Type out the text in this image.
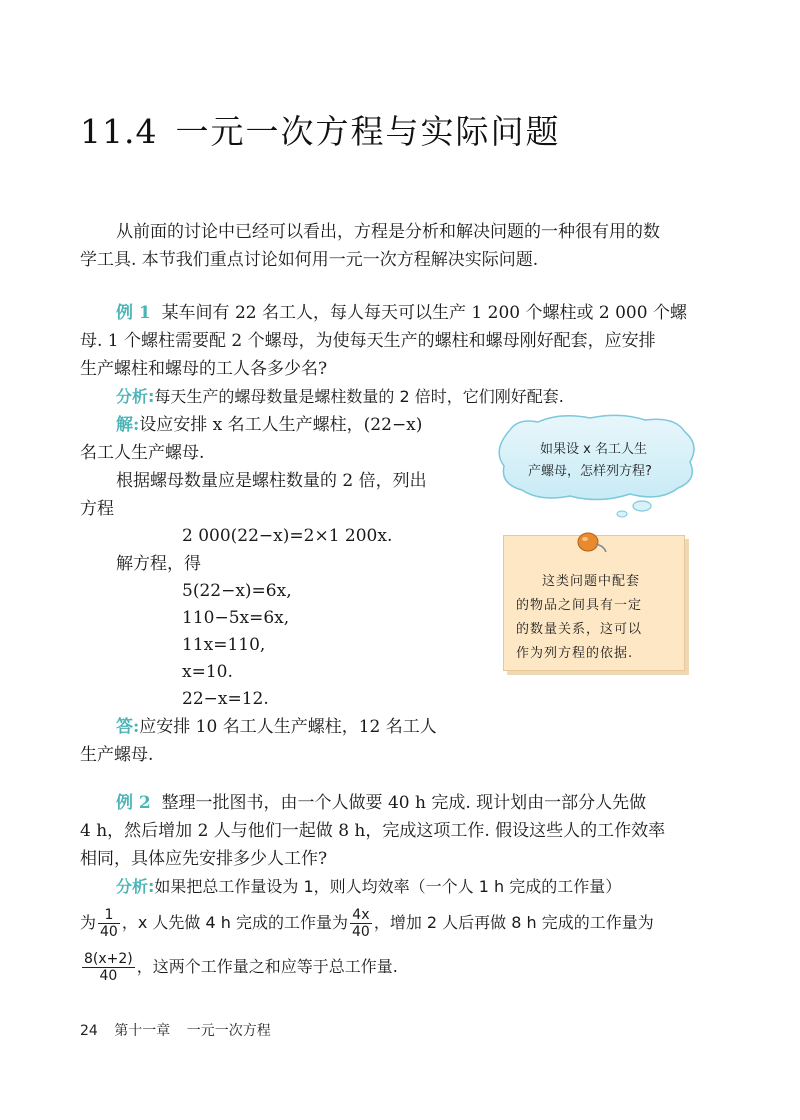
11.4 一元一次方程与实际问题
从前面的讨论中已经可以看出，方程是分析和解决问题的一种很有用的数
学工具. 本节我们重点讨论如何用一元一次方程解决实际问题.
例 1 某车间有 22 名工人，每人每天可以生产 1 200 个螺柱或 2 000 个螺
母. 1 个螺柱需要配 2 个螺母，为使每天生产的螺柱和螺母刚好配套，应安排
生产螺柱和螺母的工人各多少名?
分析:每天生产的螺母数量是螺柱数量的 2 倍时，它们刚好配套.
解:设应安排 x 名工人生产螺柱，(22−x)
名工人生产螺母.
根据螺母数量应是螺柱数量的 2 倍，列出
方程
2 000(22−x)=2×1 200x.
解方程，得
5(22−x)=6x,
110−5x=6x,
11x=110,
x=10.
22−x=12.
答:应安排 10 名工人生产螺柱，12 名工人
生产螺母.
如果设 x 名工人生
产螺母，怎样列方程?
这类问题中配套
的物品之间具有一定
的数量关系，这可以
作为列方程的依据.
例 2 整理一批图书，由一个人做要 40 h 完成. 现计划由一部分人先做
4 h，然后增加 2 人与他们一起做 8 h，完成这项工作. 假设这些人的工作效率
相同，具体应先安排多少人工作?
分析:如果把总工作量设为 1，则人均效率（一个人 1 h 完成的工作量）
为 $\frac{1}{40}$ ，x 人先做 4 h 完成的工作量为 $\frac{4x}{40}$ ，增加 2 人后再做 8 h 完成的工作量为
$\frac{8(x+2)}{40}$ ，这两个工作量之和应等于总工作量.
24 第十一章 一元一次方程
